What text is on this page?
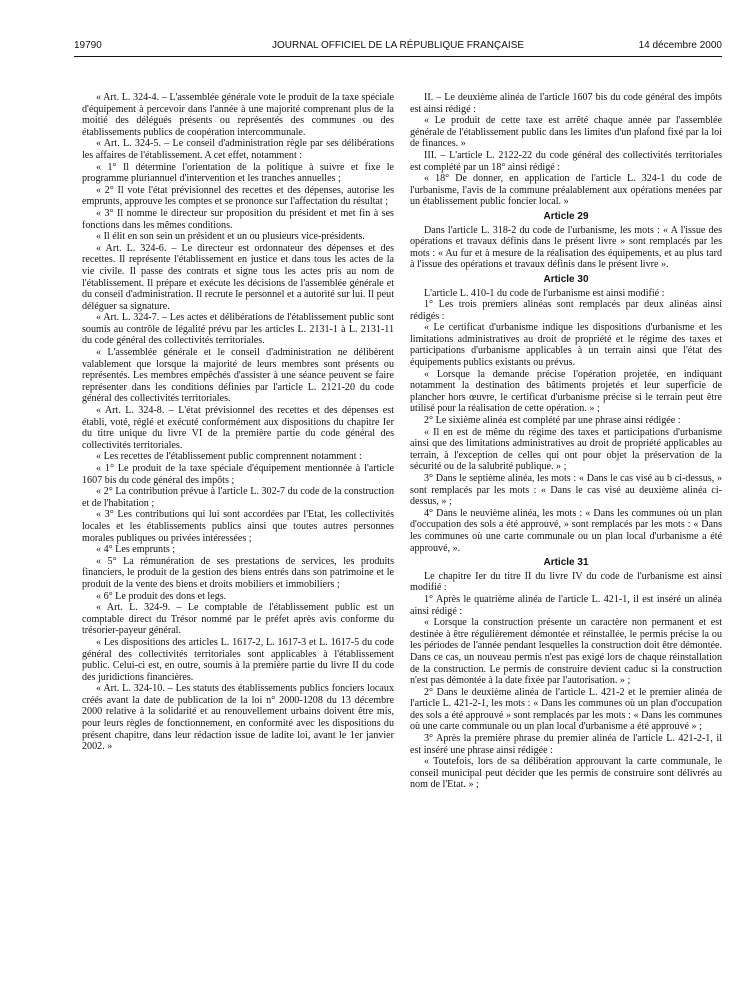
19790	JOURNAL OFFICIEL DE LA RÉPUBLIQUE FRANÇAISE	14 décembre 2000

« Art. L. 324-4. – L'assemblée générale vote le produit de la taxe spéciale d'équipement à percevoir dans l'année à une majorité comprenant plus de la moitié des délégués présents ou représentés des communes ou des établissements publics de coopération intercommunale.

« Art. L. 324-5. – Le conseil d'administration règle par ses délibérations les affaires de l'établissement. A cet effet, notamment :

« 1° Il détermine l'orientation de la politique à suivre et fixe le programme pluriannuel d'intervention et les tranches annuelles ;

« 2° Il vote l'état prévisionnel des recettes et des dépenses, autorise les emprunts, approuve les comptes et se prononce sur l'affectation du résultat ;

« 3° Il nomme le directeur sur proposition du président et met fin à ses fonctions dans les mêmes conditions.

« Il élit en son sein un président et un ou plusieurs vice-présidents.

« Art. L. 324-6. – Le directeur est ordonnateur des dépenses et des recettes. Il représente l'établissement en justice et dans tous les actes de la vie civile. Il passe des contrats et signe tous les actes pris au nom de l'établissement. Il prépare et exécute les décisions de l'assemblée générale et du conseil d'administration. Il recrute le personnel et a autorité sur lui. Il peut déléguer sa signature.

« Art. L. 324-7. – Les actes et délibérations de l'établissement public sont soumis au contrôle de légalité prévu par les articles L. 2131-1 à L. 2131-11 du code général des collectivités territoriales.

« L'assemblée générale et le conseil d'administration ne délibèrent valablement que lorsque la majorité de leurs membres sont présents ou représentés. Les membres empêchés d'assister à une séance peuvent se faire représenter dans les conditions définies par l'article L. 2121-20 du code général des collectivités territoriales.

« Art. L. 324-8. – L'état prévisionnel des recettes et des dépenses est établi, voté, réglé et exécuté conformément aux dispositions du chapitre Ier du titre unique du livre VI de la première partie du code général des collectivités territoriales.

« Les recettes de l'établissement public comprennent notamment :

« 1° Le produit de la taxe spéciale d'équipement mentionnée à l'article 1607 bis du code général des impôts ;

« 2° La contribution prévue à l'article L. 302-7 du code de la construction et de l'habitation ;

« 3° Les contributions qui lui sont accordées par l'Etat, les collectivités locales et les établissements publics ainsi que toutes autres personnes morales publiques ou privées intéressées ;

« 4° Les emprunts ;

« 5° La rémunération de ses prestations de services, les produits financiers, le produit de la gestion des biens entrés dans son patrimoine et le produit de la vente des biens et droits mobiliers et immobiliers ;

« 6° Le produit des dons et legs.

« Art. L. 324-9. – Le comptable de l'établissement public est un comptable direct du Trésor nommé par le préfet après avis conforme du trésorier-payeur général.

« Les dispositions des articles L. 1617-2, L. 1617-3 et L. 1617-5 du code général des collectivités territoriales sont applicables à l'établissement public. Celui-ci est, en outre, soumis à la première partie du livre II du code des juridictions financières.

« Art. L. 324-10. – Les statuts des établissements publics fonciers locaux créés avant la date de publication de la loi n° 2000-1208 du 13 décembre 2000 relative à la solidarité et au renouvellement urbains doivent être mis, pour leurs règles de fonctionnement, en conformité avec les dispositions du présent chapitre, dans leur rédaction issue de ladite loi, avant le 1er janvier 2002. »

II. – Le deuxième alinéa de l'article 1607 bis du code général des impôts est ainsi rédigé :

« Le produit de cette taxe est arrêté chaque année par l'assemblée générale de l'établissement public dans les limites d'un plafond fixé par la loi de finances. »

III. – L'article L. 2122-22 du code général des collectivités territoriales est complété par un 18° ainsi rédigé :

« 18° De donner, en application de l'article L. 324-1 du code de l'urbanisme, l'avis de la commune préalablement aux opérations menées par un établissement public foncier local. »

Article 29

Dans l'article L. 318-2 du code de l'urbanisme, les mots : « A l'issue des opérations et travaux définis dans le présent livre » sont remplacés par les mots : « Au fur et à mesure de la réalisation des équipements, et au plus tard à l'issue des opérations et travaux définis dans le présent livre ».

Article 30

L'article L. 410-1 du code de l'urbanisme est ainsi modifié :

1° Les trois premiers alinéas sont remplacés par deux alinéas ainsi rédigés :

« Le certificat d'urbanisme indique les dispositions d'urbanisme et les limitations administratives au droit de propriété et le régime des taxes et participations d'urbanisme applicables à un terrain ainsi que l'état des équipements publics existants ou prévus.

« Lorsque la demande précise l'opération projetée, en indiquant notamment la destination des bâtiments projetés et leur superficie de plancher hors œuvre, le certificat d'urbanisme précise si le terrain peut être utilisé pour la réalisation de cette opération. » ;

2° Le sixième alinéa est complété par une phrase ainsi rédigée :

« Il en est de même du régime des taxes et participations d'urbanisme ainsi que des limitations administratives au droit de propriété applicables au terrain, à l'exception de celles qui ont pour objet la préservation de la sécurité ou de la salubrité publique. » ;

3° Dans le septième alinéa, les mots : « Dans le cas visé au b ci-dessus, » sont remplacés par les mots : « Dans le cas visé au deuxième alinéa ci-dessus, » ;

4° Dans le neuvième alinéa, les mots : « Dans les communes où un plan d'occupation des sols a été approuvé, » sont remplacés par les mots : « Dans les communes où une carte communale ou un plan local d'urbanisme a été approuvé, ».

Article 31

Le chapitre Ier du titre II du livre IV du code de l'urbanisme est ainsi modifié :

1° Après le quatrième alinéa de l'article L. 421-1, il est inséré un alinéa ainsi rédigé :

« Lorsque la construction présente un caractère non permanent et est destinée à être régulièrement démontée et réinstallée, le permis précise la ou les périodes de l'année pendant lesquelles la construction doit être démontée. Dans ce cas, un nouveau permis n'est pas exigé lors de chaque réinstallation de la construction. Le permis de construire devient caduc si la construction n'est pas démontée à la date fixée par l'autorisation. » ;

2° Dans le deuxième alinéa de l'article L. 421-2 et le premier alinéa de l'article L. 421-2-1, les mots : « Dans les communes où un plan d'occupation des sols a été approuvé » sont remplacés par les mots : « Dans les communes où une carte communale ou un plan local d'urbanisme a été approuvé » ;

3° Après la première phrase du premier alinéa de l'article L. 421-2-1, il est inséré une phrase ainsi rédigée :

« Toutefois, lors de sa délibération approuvant la carte communale, le conseil municipal peut décider que les permis de construire sont délivrés au nom de l'Etat. » ;
